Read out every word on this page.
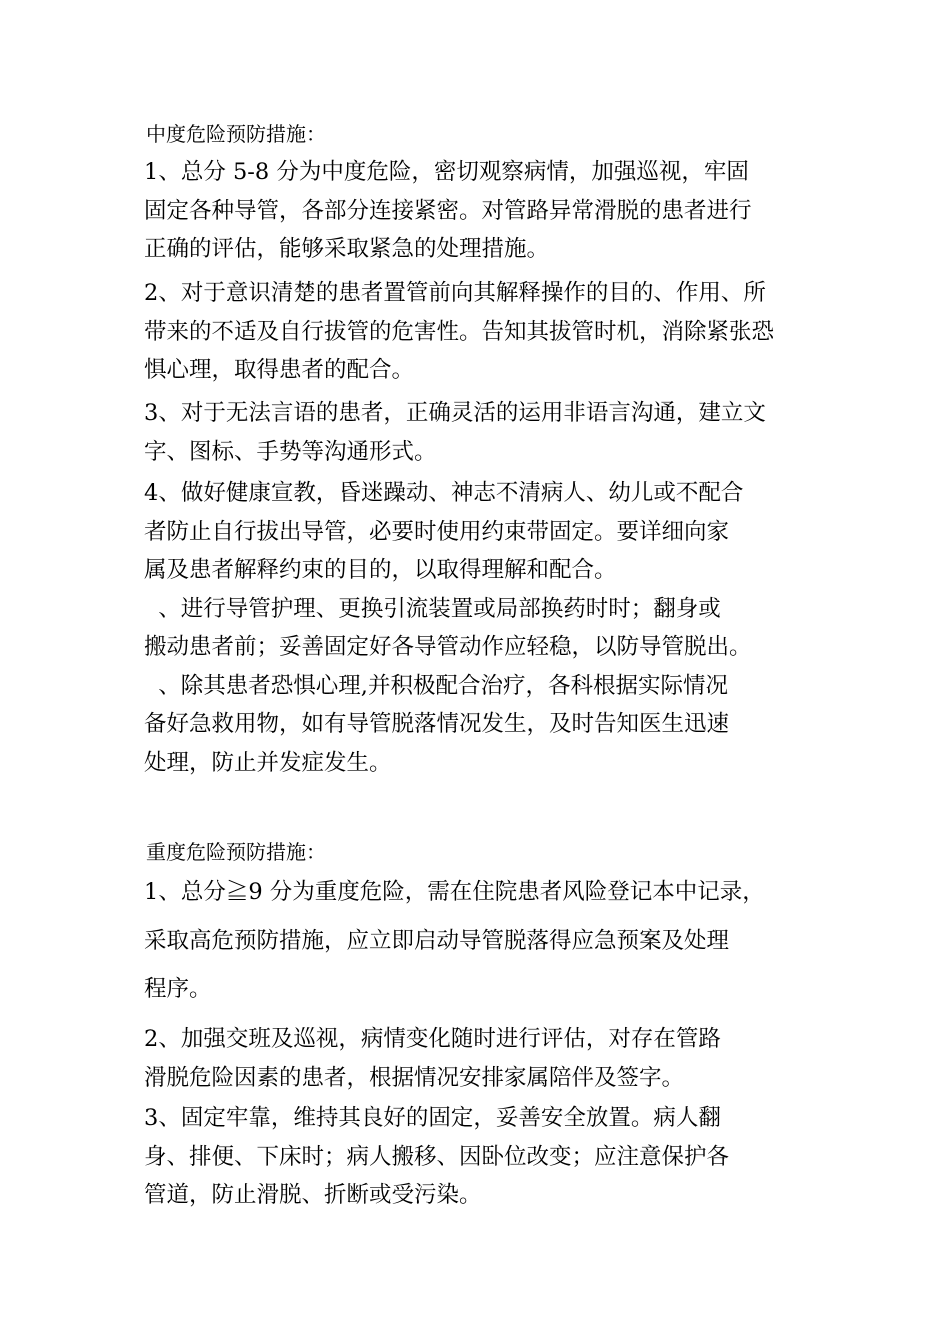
中度危险预防措施：
1、总分 5-8 分为中度危险，密切观察病情，加强巡视，牢固
固定各种导管，各部分连接紧密。对管路异常滑脱的患者进行
正确的评估，能够采取紧急的处理措施。
2、对于意识清楚的患者置管前向其解释操作的目的、作用、所
带来的不适及自行拔管的危害性。告知其拔管时机，消除紧张恐
惧心理，取得患者的配合。
3、对于无法言语的患者，正确灵活的运用非语言沟通，建立文
字、图标、手势等沟通形式。
4、做好健康宣教，昏迷躁动、神志不清病人、幼儿或不配合
者防止自行拔出导管，必要时使用约束带固定。要详细向家
属及患者解释约束的目的，以取得理解和配合。
、进行导管护理、更换引流装置或局部换药时时；翻身或
搬动患者前；妥善固定好各导管动作应轻稳，以防导管脱出。
、除其患者恐惧心理,并积极配合治疗，各科根据实际情况
备好急救用物，如有导管脱落情况发生，及时告知医生迅速
处理，防止并发症发生。
重度危险预防措施：
1、总分≧9 分为重度危险，需在住院患者风险登记本中记录，
采取高危预防措施，应立即启动导管脱落得应急预案及处理
程序。
2、加强交班及巡视，病情变化随时进行评估，对存在管路
滑脱危险因素的患者，根据情况安排家属陪伴及签字。
3、固定牢靠，维持其良好的固定，妥善安全放置。病人翻
身、排便、下床时；病人搬移、因卧位改变；应注意保护各
管道，防止滑脱、折断或受污染。
